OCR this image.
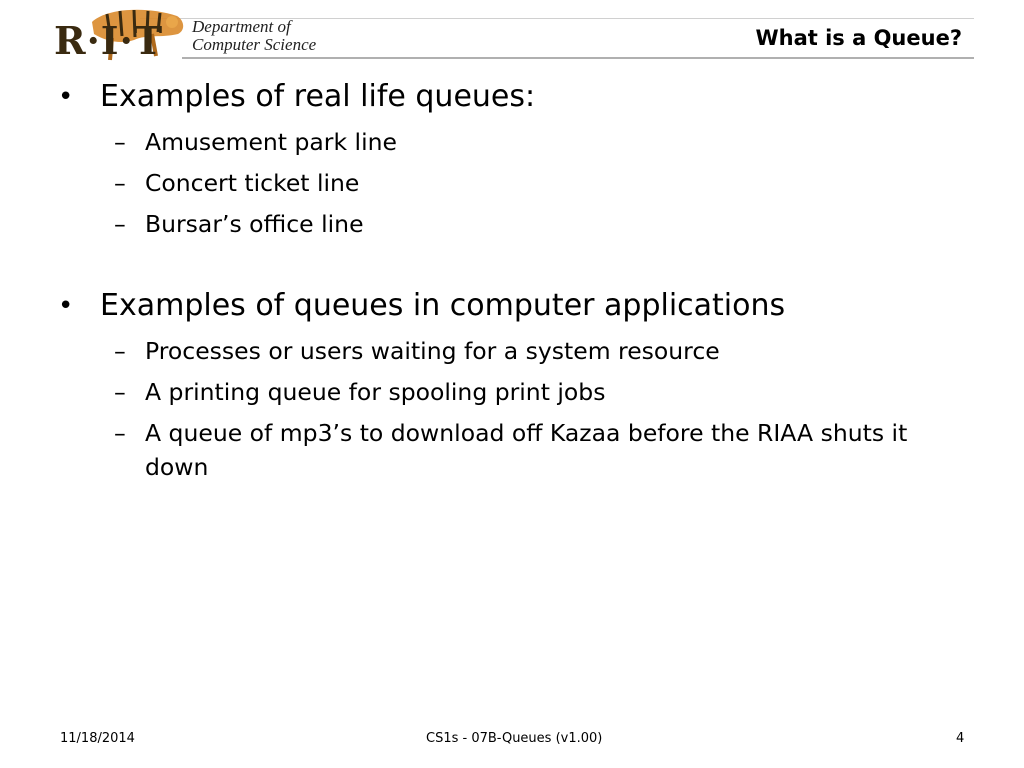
R·I·T Department of
Computer Science	What is a Queue?
• Examples of real life queues:
– Amusement park line
– Concert ticket line
– Bursar’s office line
• Examples of queues in computer applications
– Processes or users waiting for a system resource
– A printing queue for spooling print jobs
– A queue of mp3’s to download off Kazaa before the RIAA shuts it down
11/18/2014	CS1s - 07B-Queues (v1.00)	4
